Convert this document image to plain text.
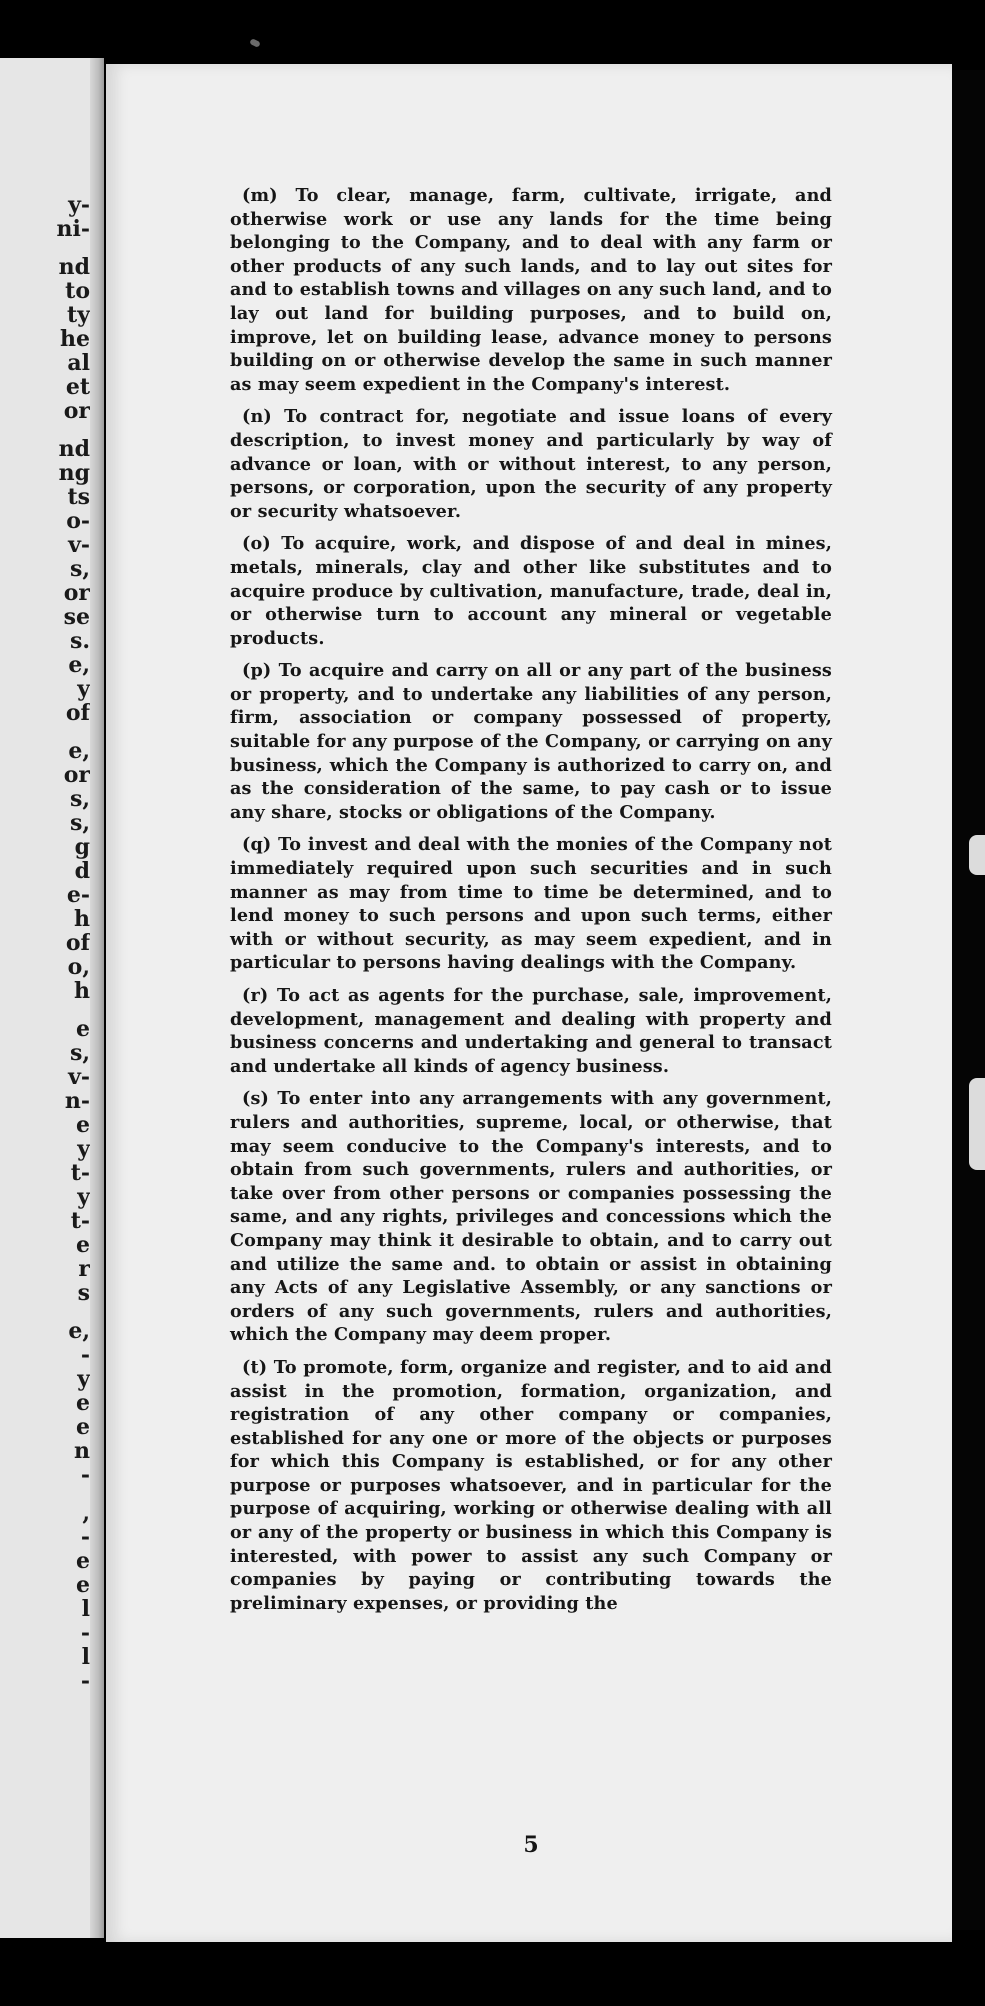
y-
ni-
nd
to
ty
he
al
et
or
nd
ng
ts
o-
v-
s,
or
se
s.
e,
y
of
e,
or
s,
s,
g
d
e-
h
of
o,
h
e
s,
v-
n-
e
y
t-
y
t-
e
r
s
e,
-
y
e
e
n
-
,
-
e
e
l
-
l
-

(m) To clear, manage, farm, cultivate, irrigate, and otherwise work or use any lands for the time being belonging to the Company, and to deal with any farm or other products of any such lands, and to lay out sites for and to establish towns and villages on any such land, and to lay out land for building purposes, and to build on, improve, let on building lease, advance money to persons building on or otherwise develop the same in such manner as may seem expedient in the Company's interest.

(n) To contract for, negotiate and issue loans of every description, to invest money and particularly by way of advance or loan, with or without interest, to any person, persons, or corporation, upon the security of any property or security whatsoever.

(o) To acquire, work, and dispose of and deal in mines, metals, minerals, clay and other like substitutes and to acquire produce by cultivation, manufacture, trade, deal in, or otherwise turn to account any mineral or vegetable products.

(p) To acquire and carry on all or any part of the business or property, and to undertake any liabilities of any person, firm, association or company possessed of property, suitable for any purpose of the Company, or carrying on any business, which the Company is authorized to carry on, and as the consideration of the same, to pay cash or to issue any share, stocks or obligations of the Company.

(q) To invest and deal with the monies of the Company not immediately required upon such securities and in such manner as may from time to time be determined, and to lend money to such persons and upon such terms, either with or without security, as may seem expedient, and in particular to persons having dealings with the Company.

(r) To act as agents for the purchase, sale, improvement, development, management and dealing with property and business concerns and undertaking and general to transact and undertake all kinds of agency business.

(s) To enter into any arrangements with any government, rulers and authorities, supreme, local, or otherwise, that may seem conducive to the Company's interests, and to obtain from such governments, rulers and authorities, or take over from other persons or companies possessing the same, and any rights, privileges and concessions which the Company may think it desirable to obtain, and to carry out and utilize the same and. to obtain or assist in obtaining any Acts of any Legislative Assembly, or any sanctions or orders of any such governments, rulers and authorities, which the Company may deem proper.

(t) To promote, form, organize and register, and to aid and assist in the promotion, formation, organization, and registration of any other company or companies, established for any one or more of the objects or purposes for which this Company is established, or for any other purpose or purposes whatsoever, and in particular for the purpose of acquiring, working or otherwise dealing with all or any of the property or business in which this Company is interested, with power to assist any such Company or companies by paying or contributing towards the preliminary expenses, or providing the

5
